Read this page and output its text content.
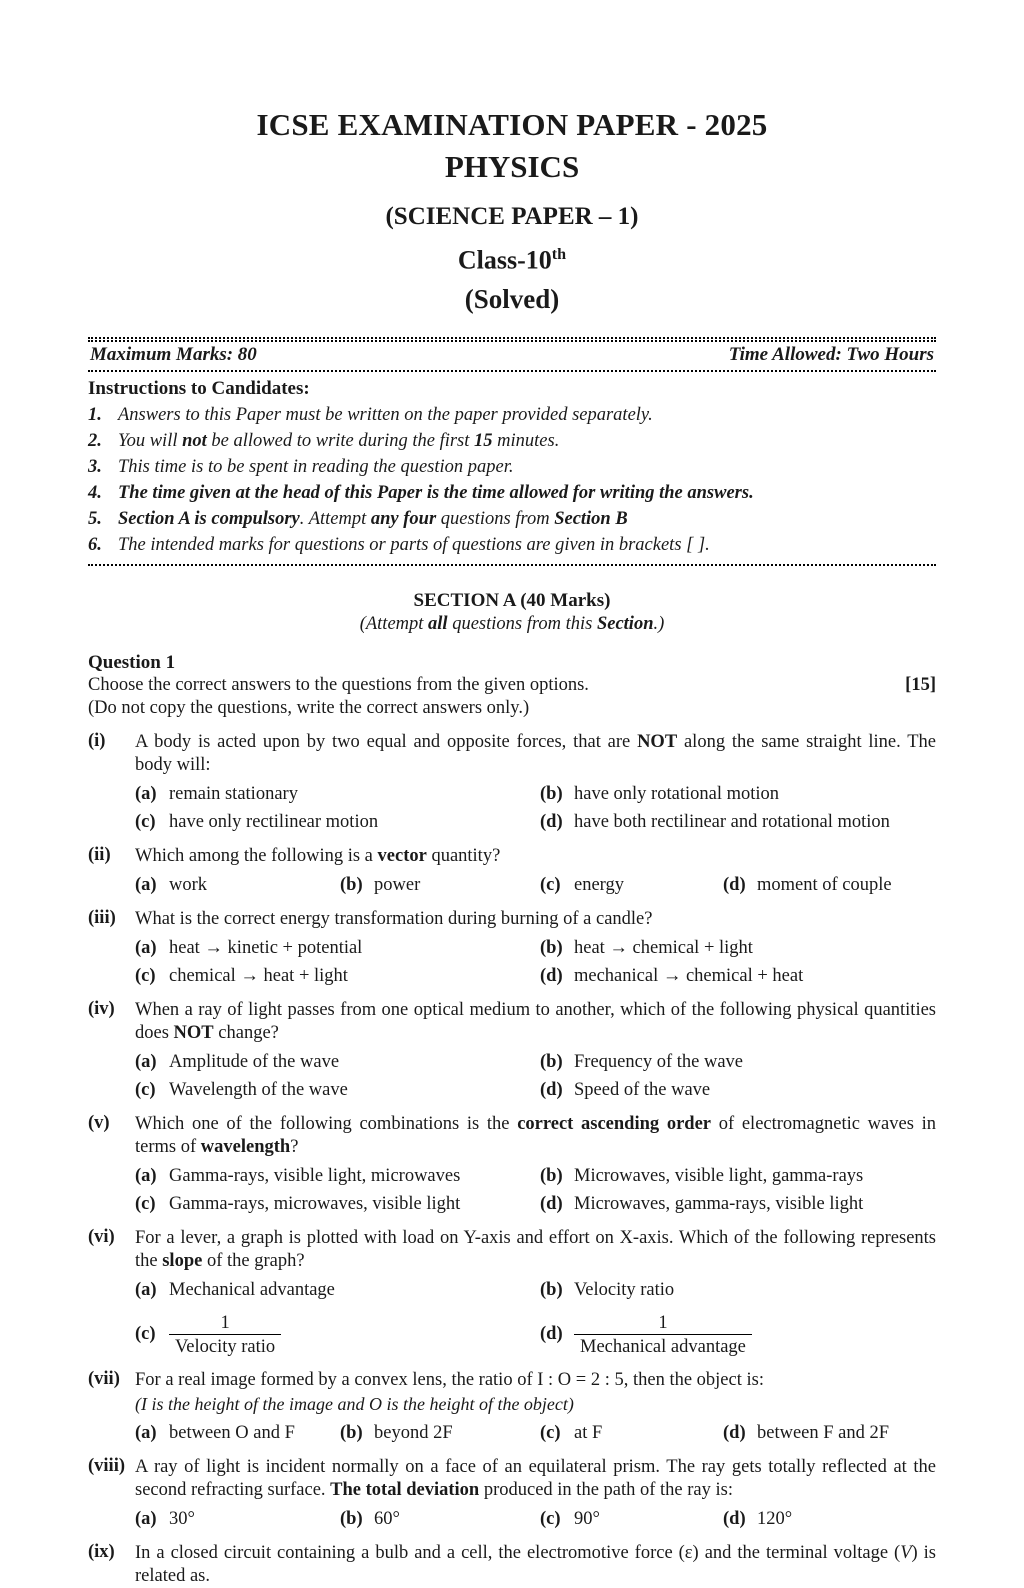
ICSE EXAMINATION PAPER - 2025
PHYSICS
(SCIENCE PAPER – 1)
Class-10th
(Solved)
Maximum Marks: 80	Time Allowed: Two Hours
Instructions to Candidates:
1. Answers to this Paper must be written on the paper provided separately.
2. You will not be allowed to write during the first 15 minutes.
3. This time is to be spent in reading the question paper.
4. The time given at the head of this Paper is the time allowed for writing the answers.
5. Section A is compulsory. Attempt any four questions from Section B
6. The intended marks for questions or parts of questions are given in brackets [ ].
SECTION A (40 Marks)
(Attempt all questions from this Section.)
Question 1
Choose the correct answers to the questions from the given options.	[15]
(Do not copy the questions, write the correct answers only.)
(i)	A body is acted upon by two equal and opposite forces, that are NOT along the same straight line. The body will:
(a) remain stationary	(b) have only rotational motion
(c) have only rectilinear motion	(d) have both rectilinear and rotational motion
(ii)	Which among the following is a vector quantity?
(a) work	(b) power	(c) energy	(d) moment of couple
(iii)	What is the correct energy transformation during burning of a candle?
(a) heat → kinetic + potential	(b) heat → chemical + light
(c) chemical → heat + light	(d) mechanical → chemical + heat
(iv)	When a ray of light passes from one optical medium to another, which of the following physical quantities does NOT change?
(a) Amplitude of the wave	(b) Frequency of the wave
(c) Wavelength of the wave	(d) Speed of the wave
(v)	Which one of the following combinations is the correct ascending order of electromagnetic waves in terms of wavelength?
(a) Gamma-rays, visible light, microwaves	(b) Microwaves, visible light, gamma-rays
(c) Gamma-rays, microwaves, visible light	(d) Microwaves, gamma-rays, visible light
(vi)	For a lever, a graph is plotted with load on Y-axis and effort on X-axis. Which of the following represents the slope of the graph?
(a) Mechanical advantage	(b) Velocity ratio
$(c) \frac{1}{\text{Velocity ratio}}$	$(d) \frac{1}{\text{Mechanical advantage}}$
(vii) For a real image formed by a convex lens, the ratio of I : O = 2 : 5, then the object is:
(I is the height of the image and O is the height of the object)
(a) between O and F (b) beyond 2F	(c) at F	(d) between F and 2F
(viii) A ray of light is incident normally on a face of an equilateral prism. The ray gets totally reflected at the second refracting surface. The total deviation produced in the path of the ray is:
(a) 30°	(b) 60°	(c) 90°	(d) 120°
(ix)	In a closed circuit containing a bulb and a cell, the electromotive force (ε) and the terminal voltage (V) is related as.
